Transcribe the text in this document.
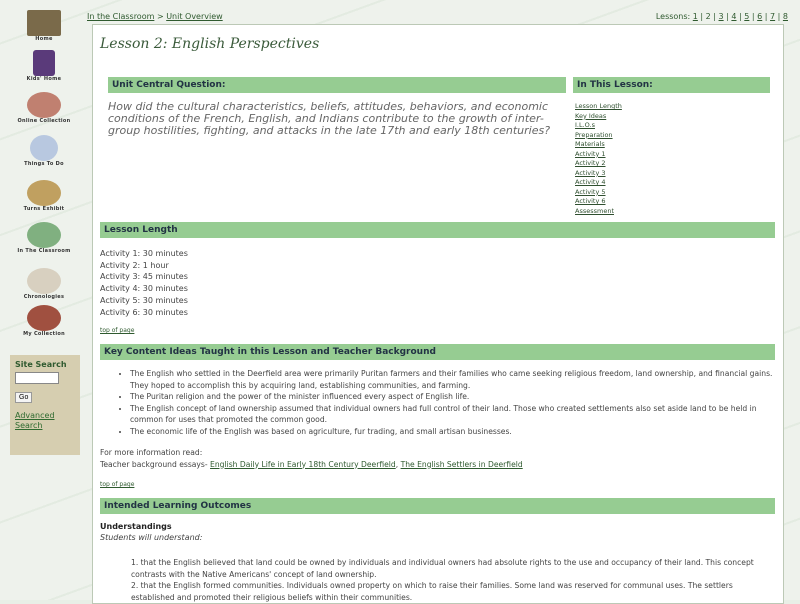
Home
Kids' Home
Online Collection
Things To Do
Turns Exhibit
In The Classroom
Chronologies
My Collection
Site Search
Go
Advanced Search
In the Classroom > Unit Overview	Lessons: 1 | 2 | 3 | 4 | 5 | 6 | 7 | 8
Lesson 2: English Perspectives
Unit Central Question:
How did the cultural characteristics, beliefs, attitudes, behaviors, and economic conditions of the French, English, and Indians contribute to the growth of inter-group hostilities, fighting, and attacks in the late 17th and early 18th centuries?
In This Lesson:
Lesson Length
Key Ideas
I.L.O.s
Preparation
Materials
Activity 1
Activity 2
Activity 3
Activity 4
Activity 5
Activity 6
Assessment
Lesson Length
Activity 1: 30 minutes
Activity 2: 1 hour
Activity 3: 45 minutes
Activity 4: 30 minutes
Activity 5: 30 minutes
Activity 6: 30 minutes
top of page
Key Content Ideas Taught in this Lesson and Teacher Background
• The English who settled in the Deerfield area were primarily Puritan farmers and their families who came seeking religious freedom, land ownership, and financial gains. They hoped to accomplish this by acquiring land, establishing communities, and farming.
• The Puritan religion and the power of the minister influenced every aspect of English life.
• The English concept of land ownership assumed that individual owners had full control of their land. Those who created settlements also set aside land to be held in common for uses that promoted the common good.
• The economic life of the English was based on agriculture, fur trading, and small artisan businesses.
For more information read:
Teacher background essays- English Daily Life in Early 18th Century Deerfield, The English Settlers in Deerfield
top of page
Intended Learning Outcomes
Understandings
Students will understand:
1. that the English believed that land could be owned by individuals and individual owners had absolute rights to the use and occupancy of their land. This concept contrasts with the Native Americans' concept of land ownership.
2. that the English formed communities. Individuals owned property on which to raise their families. Some land was reserved for communal uses. The settlers established and promoted their religious beliefs within their communities.
